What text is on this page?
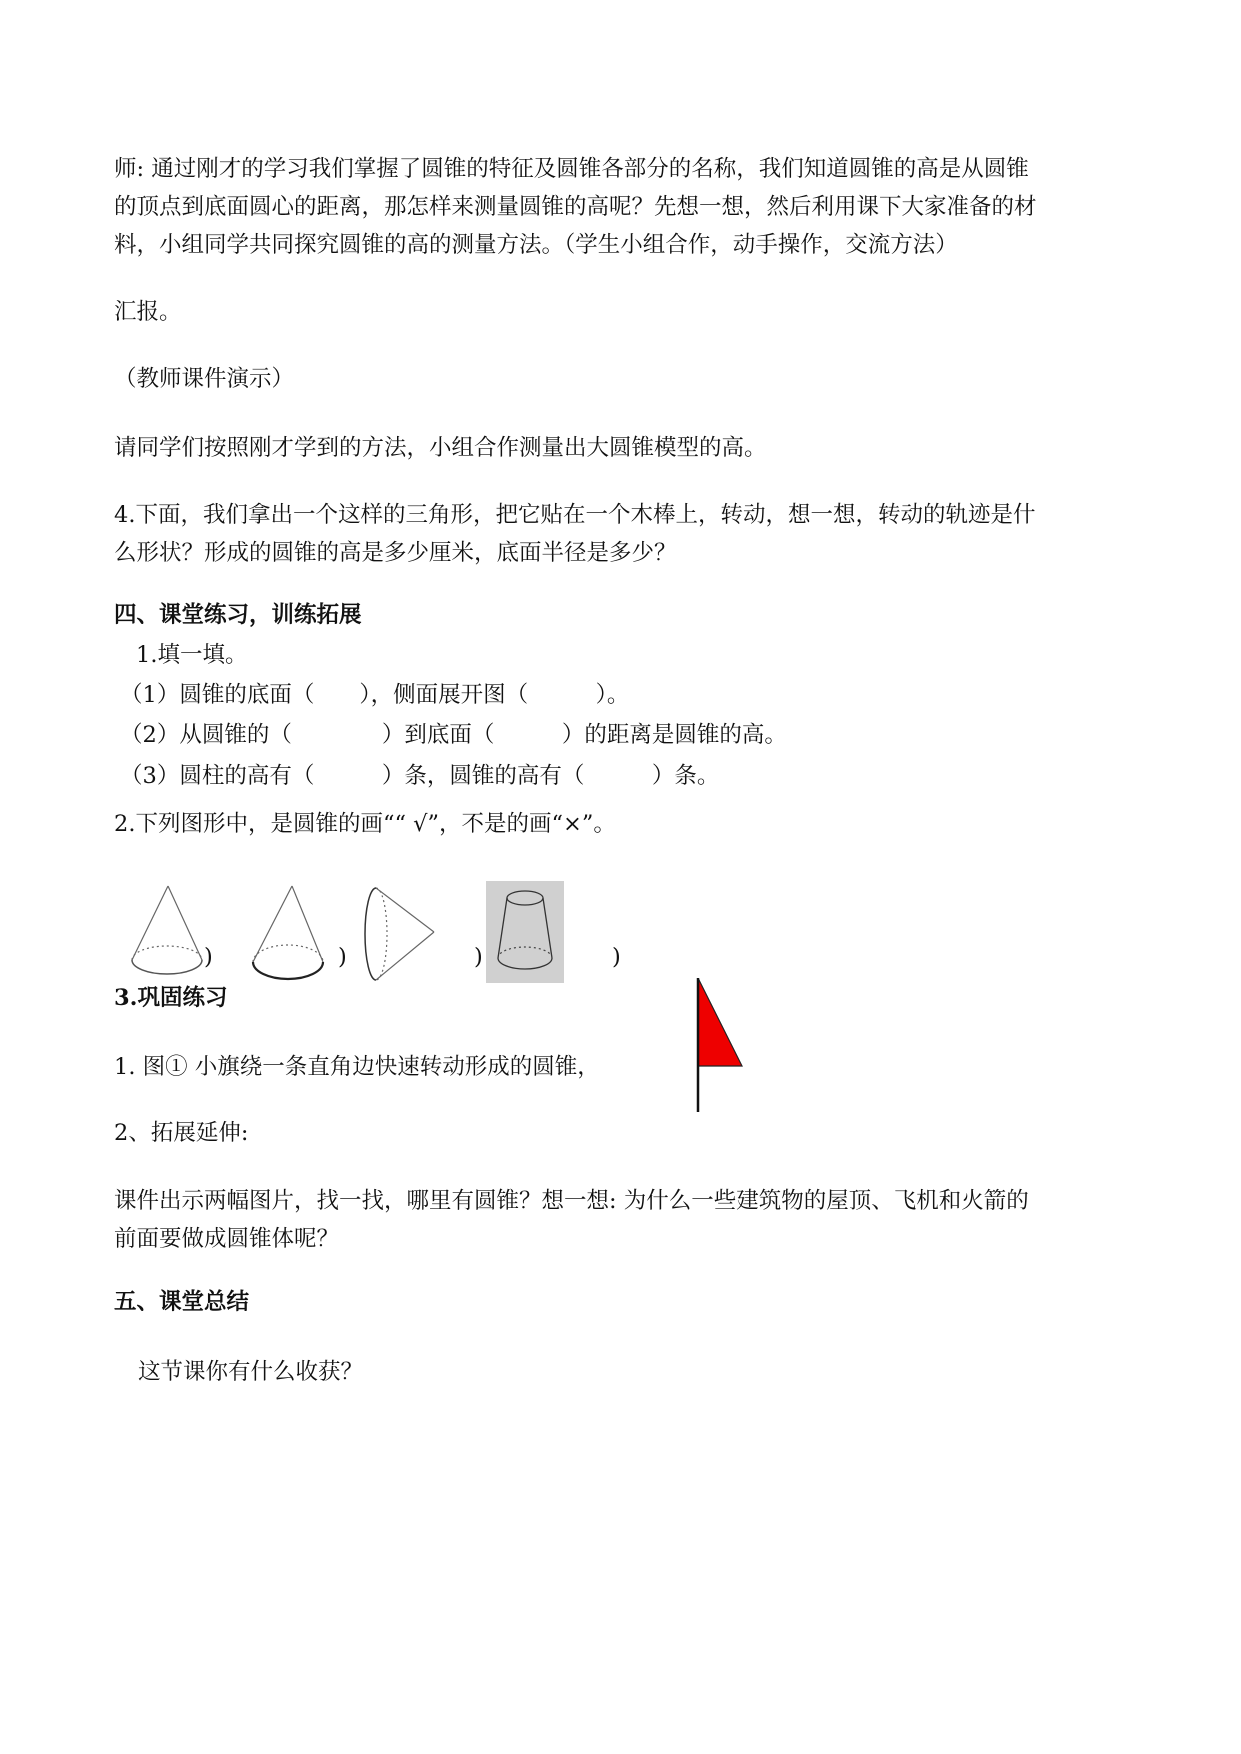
师: 通过刚才的学习我们掌握了圆锥的特征及圆锥各部分的名称，我们知道圆锥的高是从圆锥
的顶点到底面圆心的距离，那怎样来测量圆锥的高呢？先想一想，然后利用课下大家准备的材
料，小组同学共同探究圆锥的高的测量方法。（学生小组合作，动手操作，交流方法）
汇报。
（教师课件演示）
请同学们按照刚才学到的方法，小组合作测量出大圆锥模型的高。
4.下面，我们拿出一个这样的三角形，把它贴在一个木棒上，转动，想一想，转动的轨迹是什
么形状？形成的圆锥的高是多少厘米，底面半径是多少？
四、课堂练习，训练拓展
1.填一填。
（1）圆锥的底面（　　），侧面展开图（　　　）。
（2）从圆锥的（　　　　）到底面（　　　）的距离是圆锥的高。
（3）圆柱的高有（　　　）条，圆锥的高有（　　　）条。
2.下列图形中，是圆锥的画““ √”，不是的画“×”。
)	)	)	)
3.巩固练习
1. 图① 小旗绕一条直角边快速转动形成的圆锥，
2、拓展延伸:
课件出示两幅图片，找一找，哪里有圆锥？想一想: 为什么一些建筑物的屋顶、飞机和火箭的
前面要做成圆锥体呢？
五、课堂总结
这节课你有什么收获？
